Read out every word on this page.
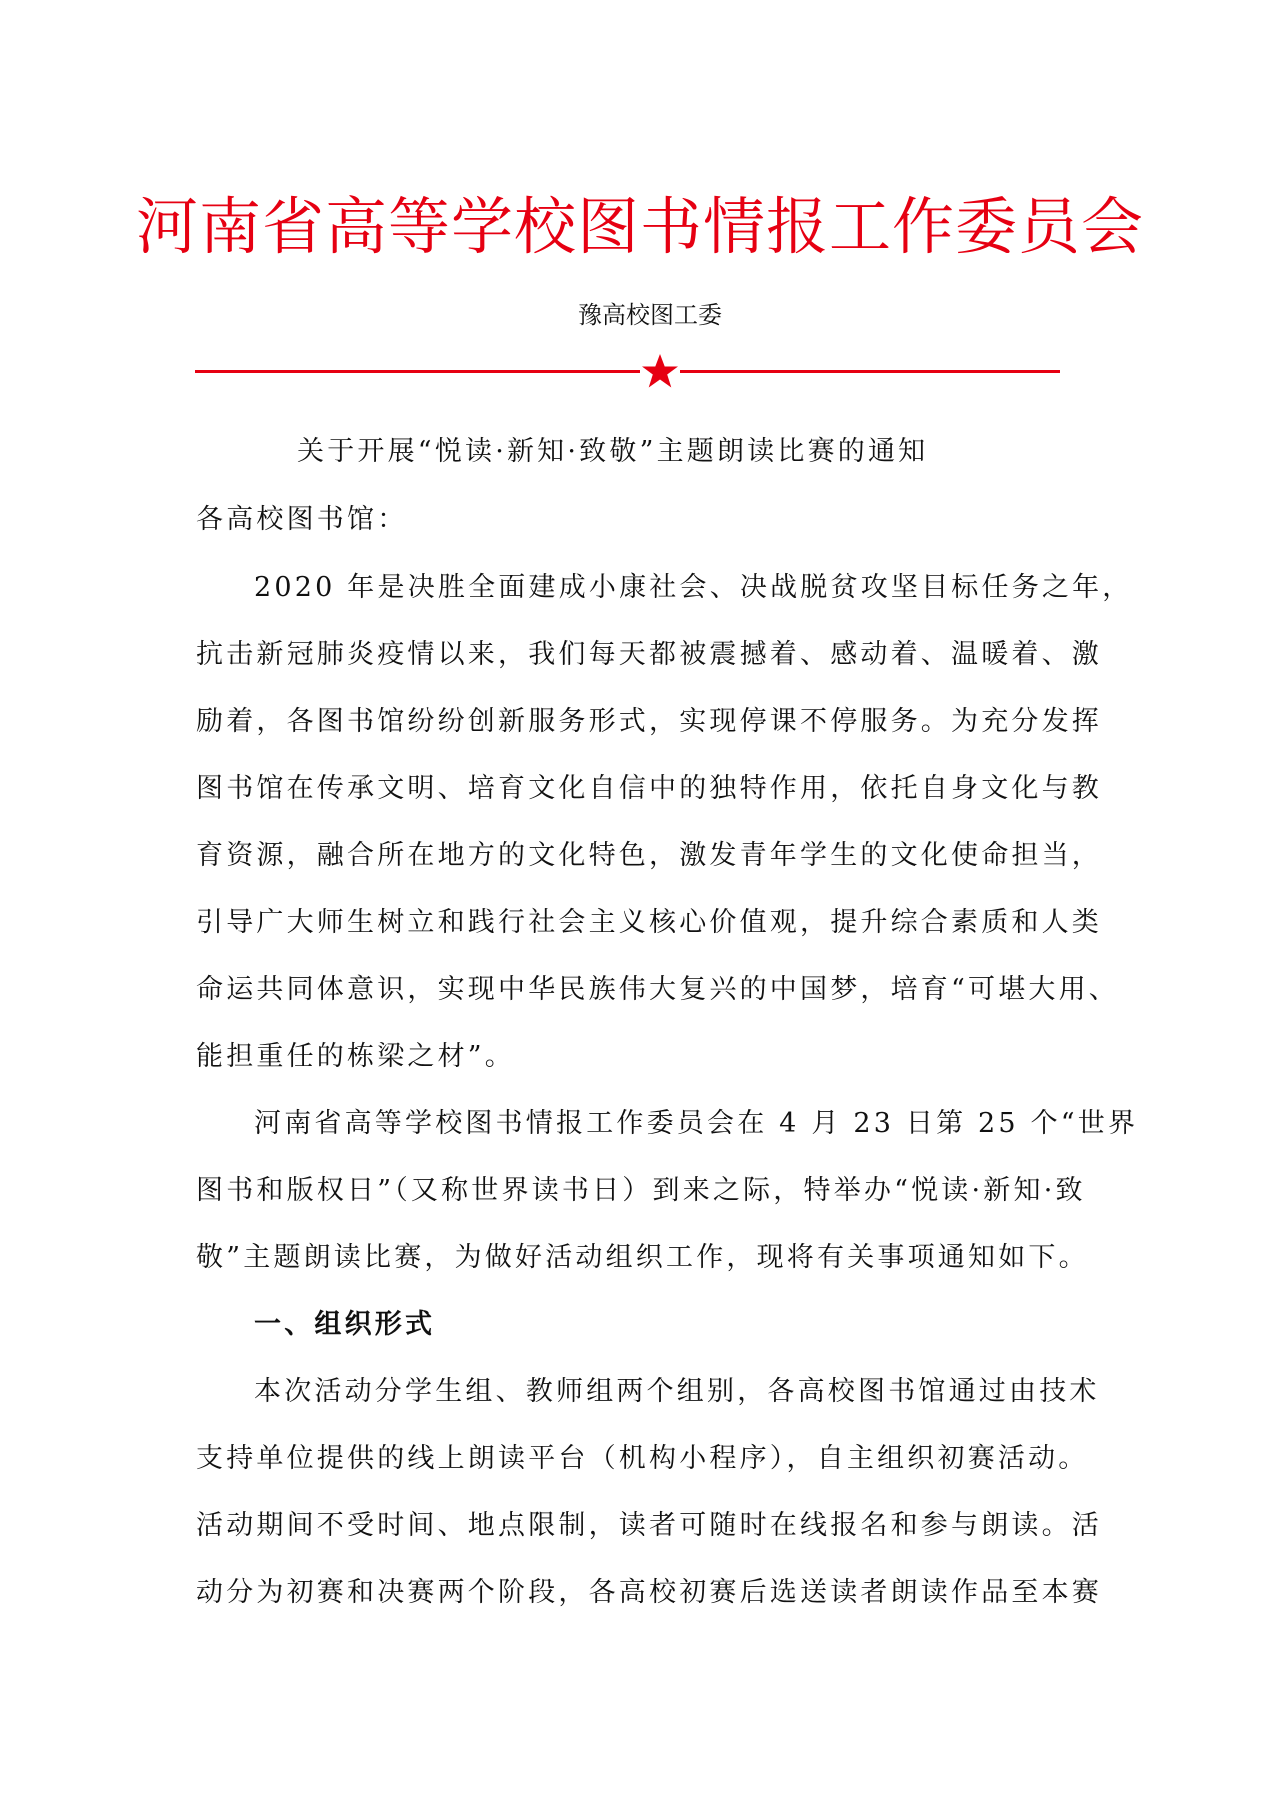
河南省高等学校图书情报工作委员会
豫高校图工委
关于开展“悦读·新知·致敬”主题朗读比赛的通知
各高校图书馆：
2020 年是决胜全面建成小康社会、决战脱贫攻坚目标任务之年，
抗击新冠肺炎疫情以来，我们每天都被震撼着、感动着、温暖着、激
励着，各图书馆纷纷创新服务形式，实现停课不停服务。为充分发挥
图书馆在传承文明、培育文化自信中的独特作用，依托自身文化与教
育资源，融合所在地方的文化特色，激发青年学生的文化使命担当，
引导广大师生树立和践行社会主义核心价值观，提升综合素质和人类
命运共同体意识，实现中华民族伟大复兴的中国梦，培育“可堪大用、
能担重任的栋梁之材”。
河南省高等学校图书情报工作委员会在 4 月 23 日第 25 个“世界
图书和版权日”（又称世界读书日）到来之际，特举办“悦读·新知·致
敬”主题朗读比赛，为做好活动组织工作，现将有关事项通知如下。
一、组织形式
本次活动分学生组、教师组两个组别，各高校图书馆通过由技术
支持单位提供的线上朗读平台（机构小程序），自主组织初赛活动。
活动期间不受时间、地点限制，读者可随时在线报名和参与朗读。活
动分为初赛和决赛两个阶段，各高校初赛后选送读者朗读作品至本赛
